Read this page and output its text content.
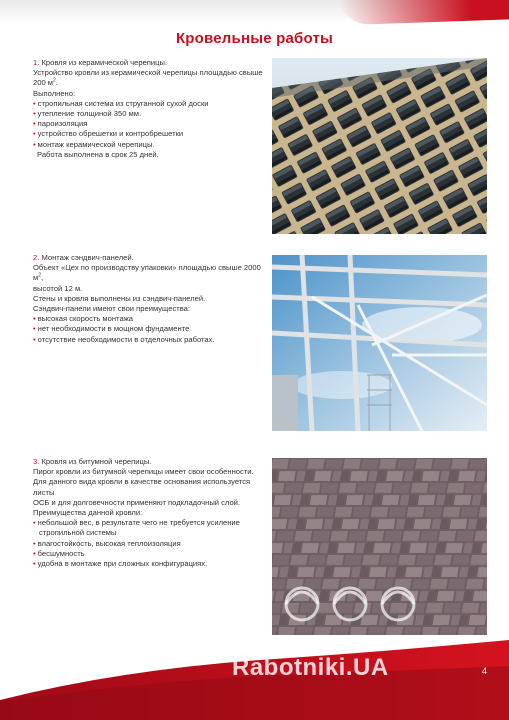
Кровельные работы

1. Кровля из керамической черепицы.

Устройство кровли из керамической черепицы площадью свыше

200 $м^2$.

Выполнено:

• стропильная система из струганной сухой доски

• утепление толщиной 350 мм.

• пароизоляция

• устройство обрешетки и контробрешетки

• монтаж керамической черепицы.

Работа выполнена в срок 25 дней.

2. Монтаж сэндвич-панелей.

Объект «Цех по производству упаковки» площадью свыше 2000 $м^2$,

высотой 12 м.

Стены и кровля выполнены из сэндвич-панелей.

Сэндвич-панели имеют свои преимущества:

• высокая скорость монтажа

• нет необходимости в мощном фундаменте

• отсутствие необходимости в отделочных работах.

3. Кровля из битумной черепицы.

Пирог кровли из битумной черепицы имеет свои особенности.

Для данного вида кровли в качестве основания используется листы

ОСБ и для долговечности применяют подкладочный слой.

Преимущества данной кровли:

• небольшой вес, в результате чего не требуется усиление

стропильной системы

• влагостойкость, высокая теплоизоляция

• бесшумность

• удобна в монтаже при сложных конфигурациях.

Rabotniki.UA	4
